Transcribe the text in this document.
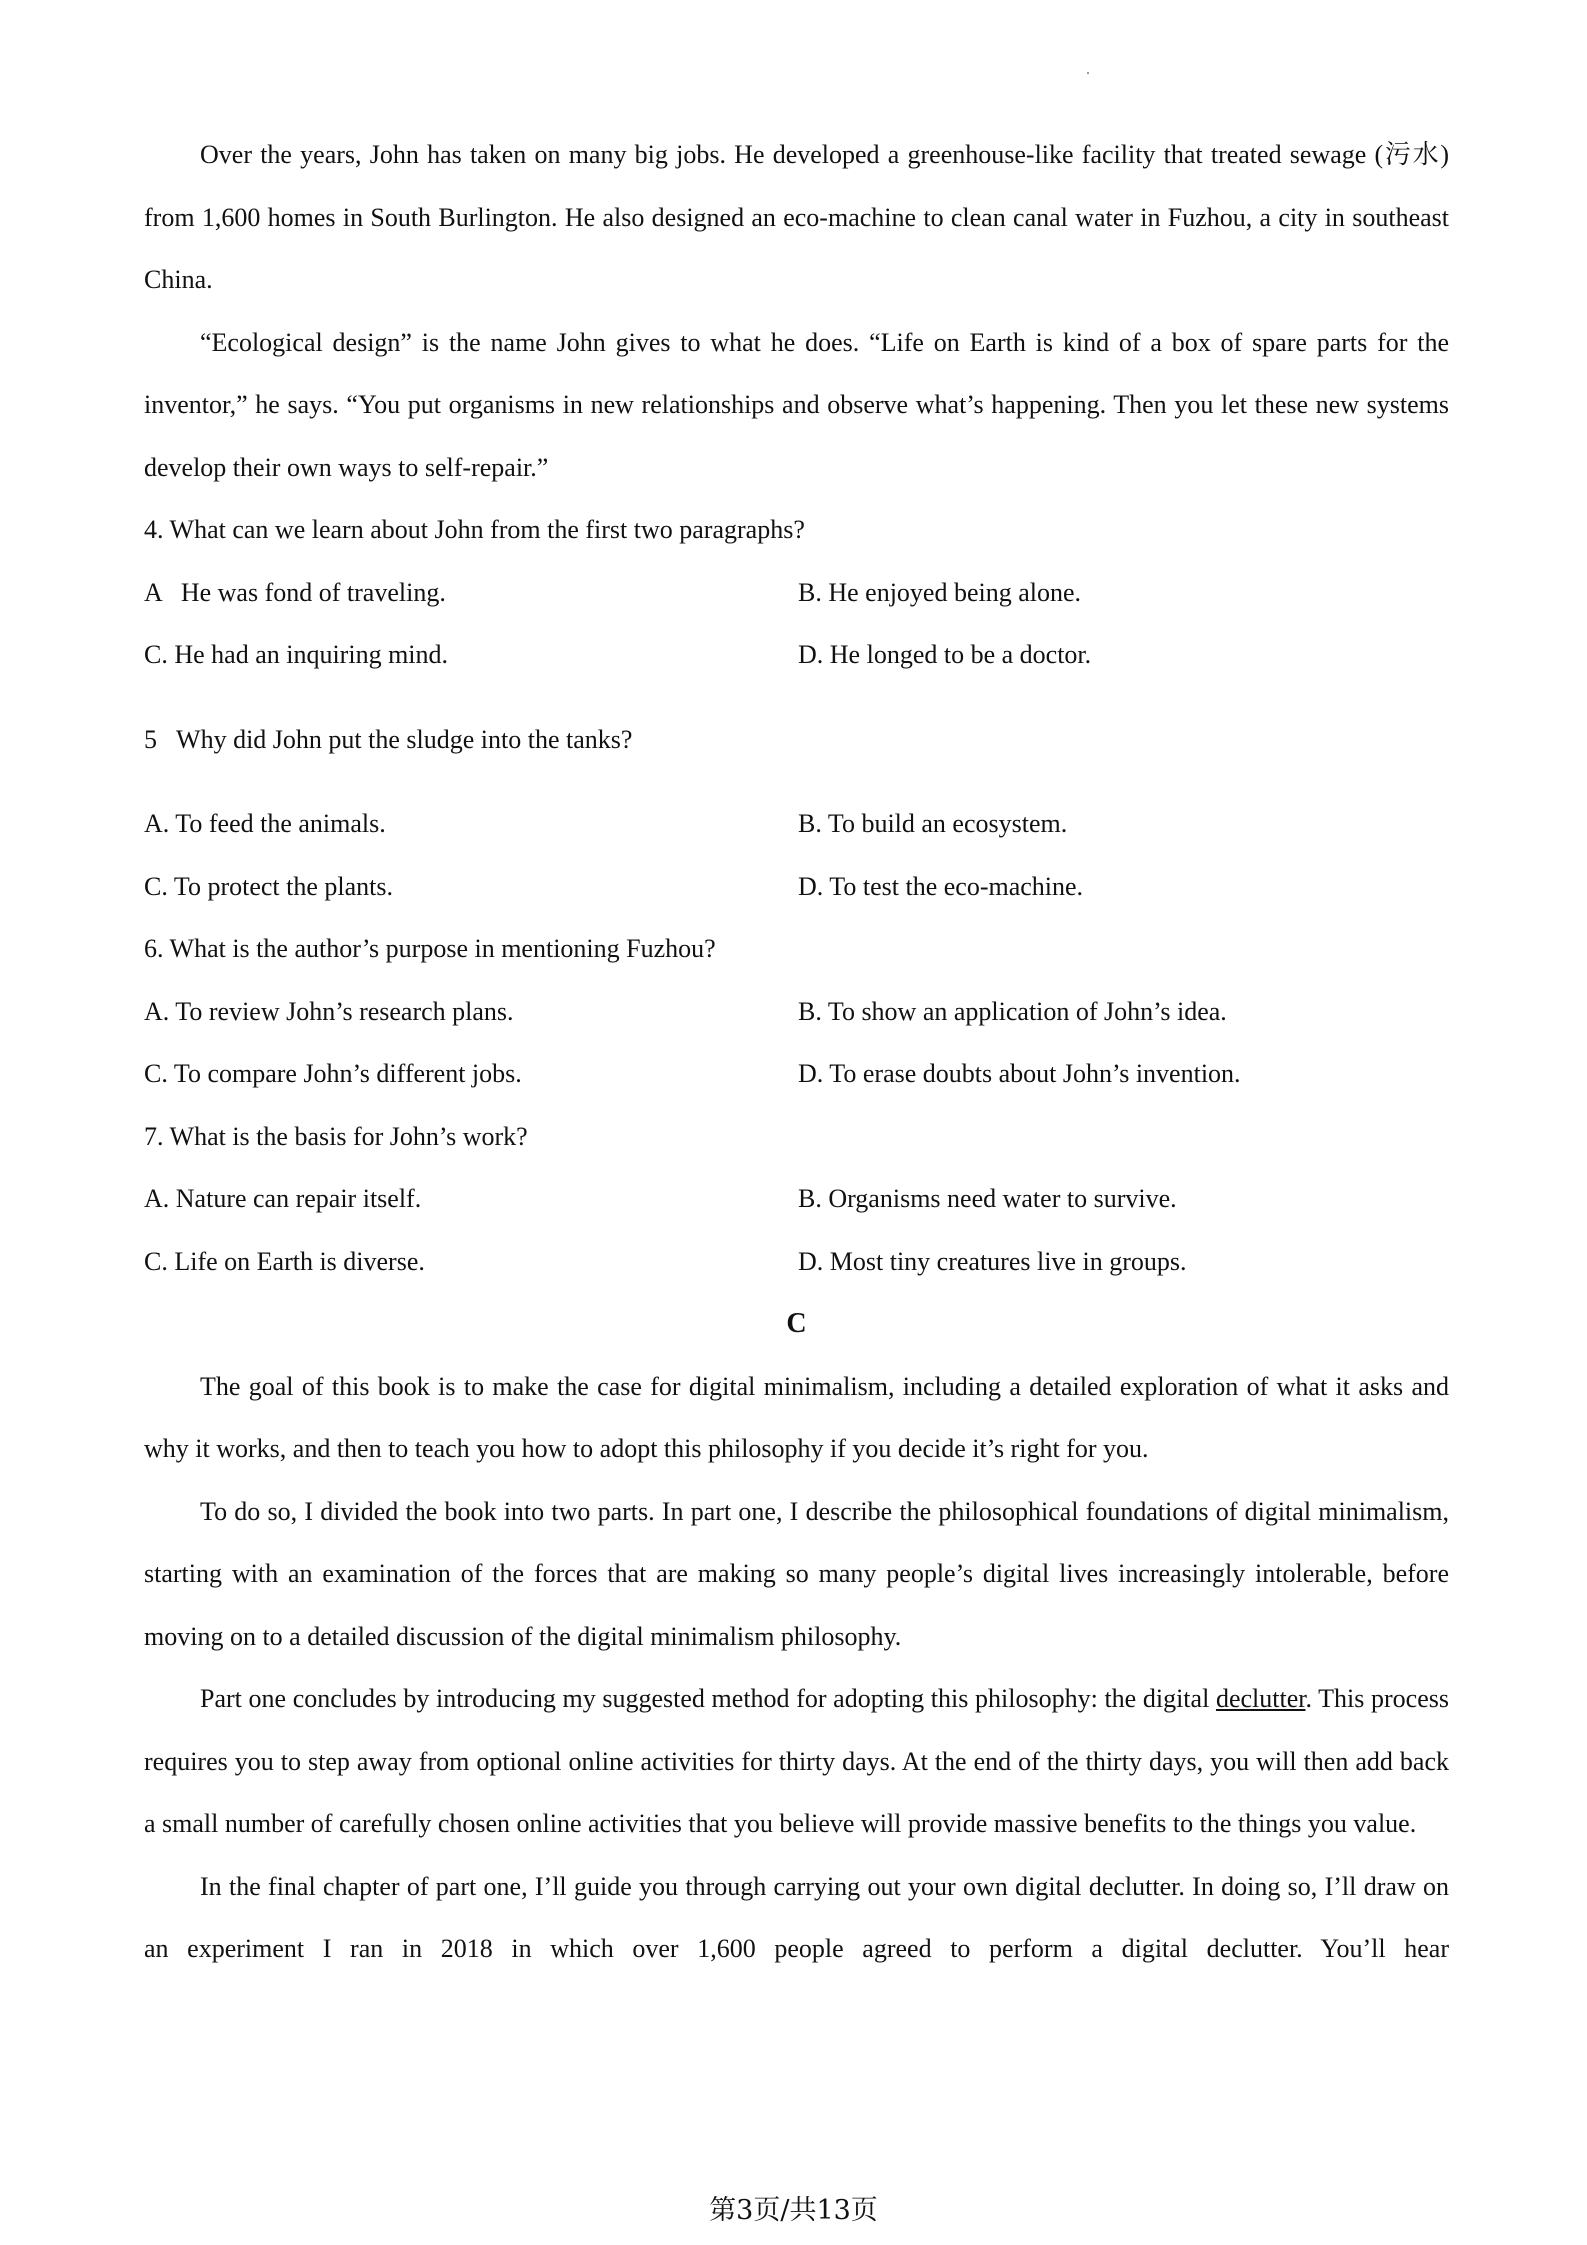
Over the years, John has taken on many big jobs. He developed a greenhouse-like facility that treated sewage (污水) from 1,600 homes in South Burlington. He also designed an eco-machine to clean canal water in Fuzhou, a city in southeast China.

“Ecological design” is the name John gives to what he does. “Life on Earth is kind of a box of spare parts for the inventor,” he says. “You put organisms in new relationships and observe what’s happening. Then you let these new systems develop their own ways to self-repair.”

4. What can we learn about John from the first two paragraphs?

A   He was fond of traveling.	B. He enjoyed being alone.
C. He had an inquiring mind.	D. He longed to be a doctor.

5   Why did John put the sludge into the tanks?

A. To feed the animals.	B. To build an ecosystem.
C. To protect the plants.	D. To test the eco-machine.

6. What is the author’s purpose in mentioning Fuzhou?

A. To review John’s research plans.	B. To show an application of John’s idea.
C. To compare John’s different jobs.	D. To erase doubts about John’s invention.

7. What is the basis for John’s work?

A. Nature can repair itself.	B. Organisms need water to survive.
C. Life on Earth is diverse.	D. Most tiny creatures live in groups.
C

The goal of this book is to make the case for digital minimalism, including a detailed exploration of what it asks and why it works, and then to teach you how to adopt this philosophy if you decide it’s right for you.

To do so, I divided the book into two parts. In part one, I describe the philosophical foundations of digital minimalism, starting with an examination of the forces that are making so many people’s digital lives increasingly intolerable, before moving on to a detailed discussion of the digital minimalism philosophy.

Part one concludes by introducing my suggested method for adopting this philosophy: the digital declutter. This process requires you to step away from optional online activities for thirty days. At the end of the thirty days, you will then add back a small number of carefully chosen online activities that you believe will provide massive benefits to the things you value.

In the final chapter of part one, I’ll guide you through carrying out your own digital declutter. In doing so, I’ll draw on an experiment I ran in 2018 in which over 1,600 people agreed to perform a digital declutter. You’ll hear

第3页/共13页
